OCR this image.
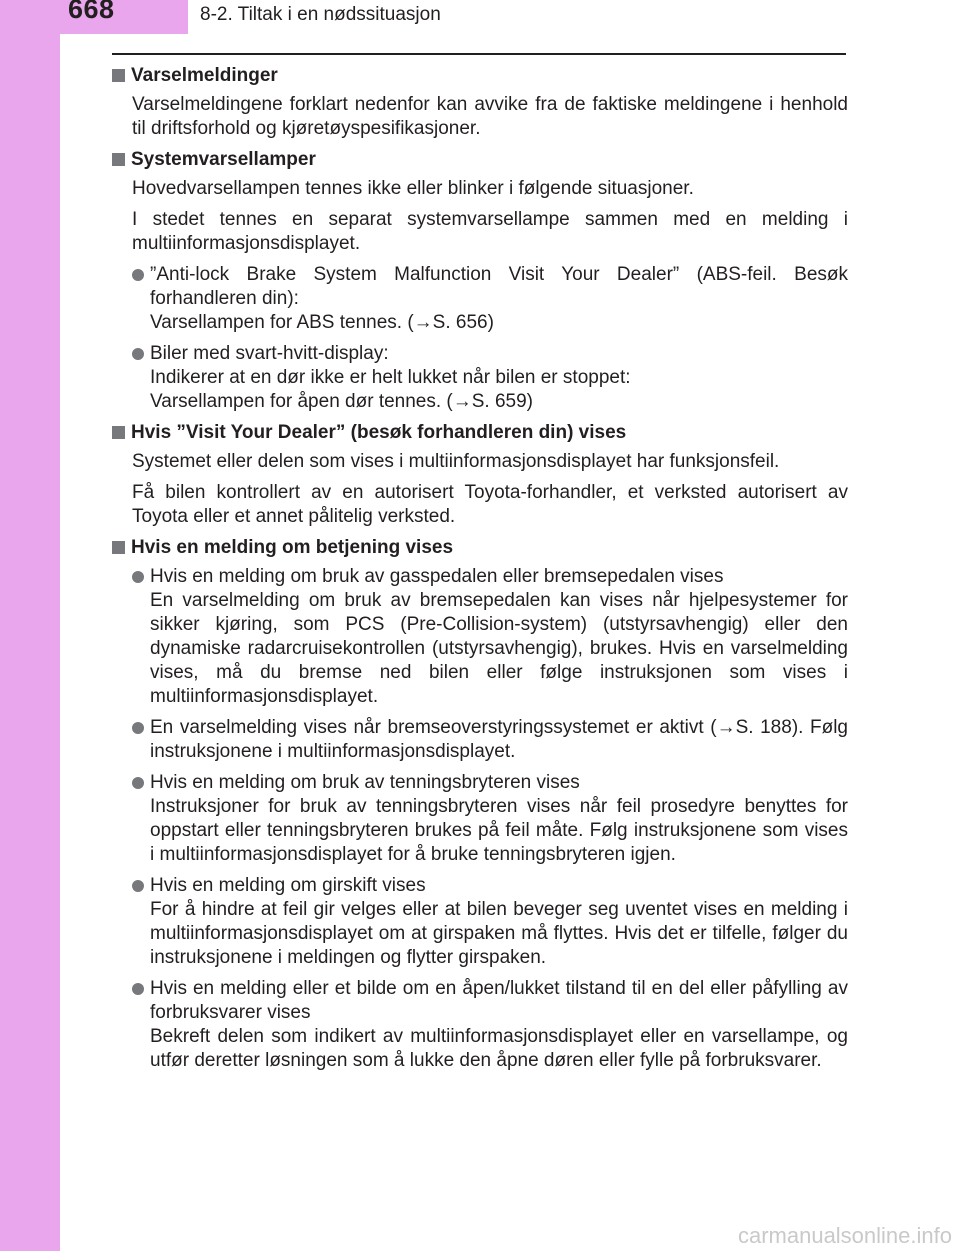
668	8-2. Tiltak i en nødssituasjon
Varselmeldinger
Varselmeldingene forklart nedenfor kan avvike fra de faktiske meldingene i henhold til driftsforhold og kjøretøyspesifikasjoner.
Systemvarsellamper
Hovedvarsellampen tennes ikke eller blinker i følgende situasjoner.
I stedet tennes en separat systemvarsellampe sammen med en melding i multiinformasjonsdisplayet.
”Anti-lock Brake System Malfunction Visit Your Dealer” (ABS-feil. Besøk forhandleren din):
Varsellampen for ABS tennes. (→S. 656)
Biler med svart-hvitt-display:
Indikerer at en dør ikke er helt lukket når bilen er stoppet:
Varsellampen for åpen dør tennes. (→S. 659)
Hvis ”Visit Your Dealer” (besøk forhandleren din) vises
Systemet eller delen som vises i multiinformasjonsdisplayet har funksjonsfeil.
Få bilen kontrollert av en autorisert Toyota-forhandler, et verksted autorisert av Toyota eller et annet pålitelig verksted.
Hvis en melding om betjening vises
Hvis en melding om bruk av gasspedalen eller bremsepedalen vises
En varselmelding om bruk av bremsepedalen kan vises når hjelpesystemer for sikker kjøring, som PCS (Pre-Collision-system) (utstyrsavhengig) eller den dynamiske radarcruisekontrollen (utstyrsavhengig), brukes. Hvis en varselmelding vises, må du bremse ned bilen eller følge instruksjonen som vises i multiinformasjonsdisplayet.
En varselmelding vises når bremseoverstyringssystemet er aktivt (→S. 188). Følg instruksjonene i multiinformasjonsdisplayet.
Hvis en melding om bruk av tenningsbryteren vises
Instruksjoner for bruk av tenningsbryteren vises når feil prosedyre benyttes for oppstart eller tenningsbryteren brukes på feil måte. Følg instruksjonene som vises i multiinformasjonsdisplayet for å bruke tenningsbryteren igjen.
Hvis en melding om girskift vises
For å hindre at feil gir velges eller at bilen beveger seg uventet vises en melding i multiinformasjonsdisplayet om at girspaken må flyttes. Hvis det er tilfelle, følger du instruksjonene i meldingen og flytter girspaken.
Hvis en melding eller et bilde om en åpen/lukket tilstand til en del eller påfylling av forbruksvarer vises
Bekreft delen som indikert av multiinformasjonsdisplayet eller en varsellampe, og utfør deretter løsningen som å lukke den åpne døren eller fylle på forbruksvarer.
carmanualsonline.info
